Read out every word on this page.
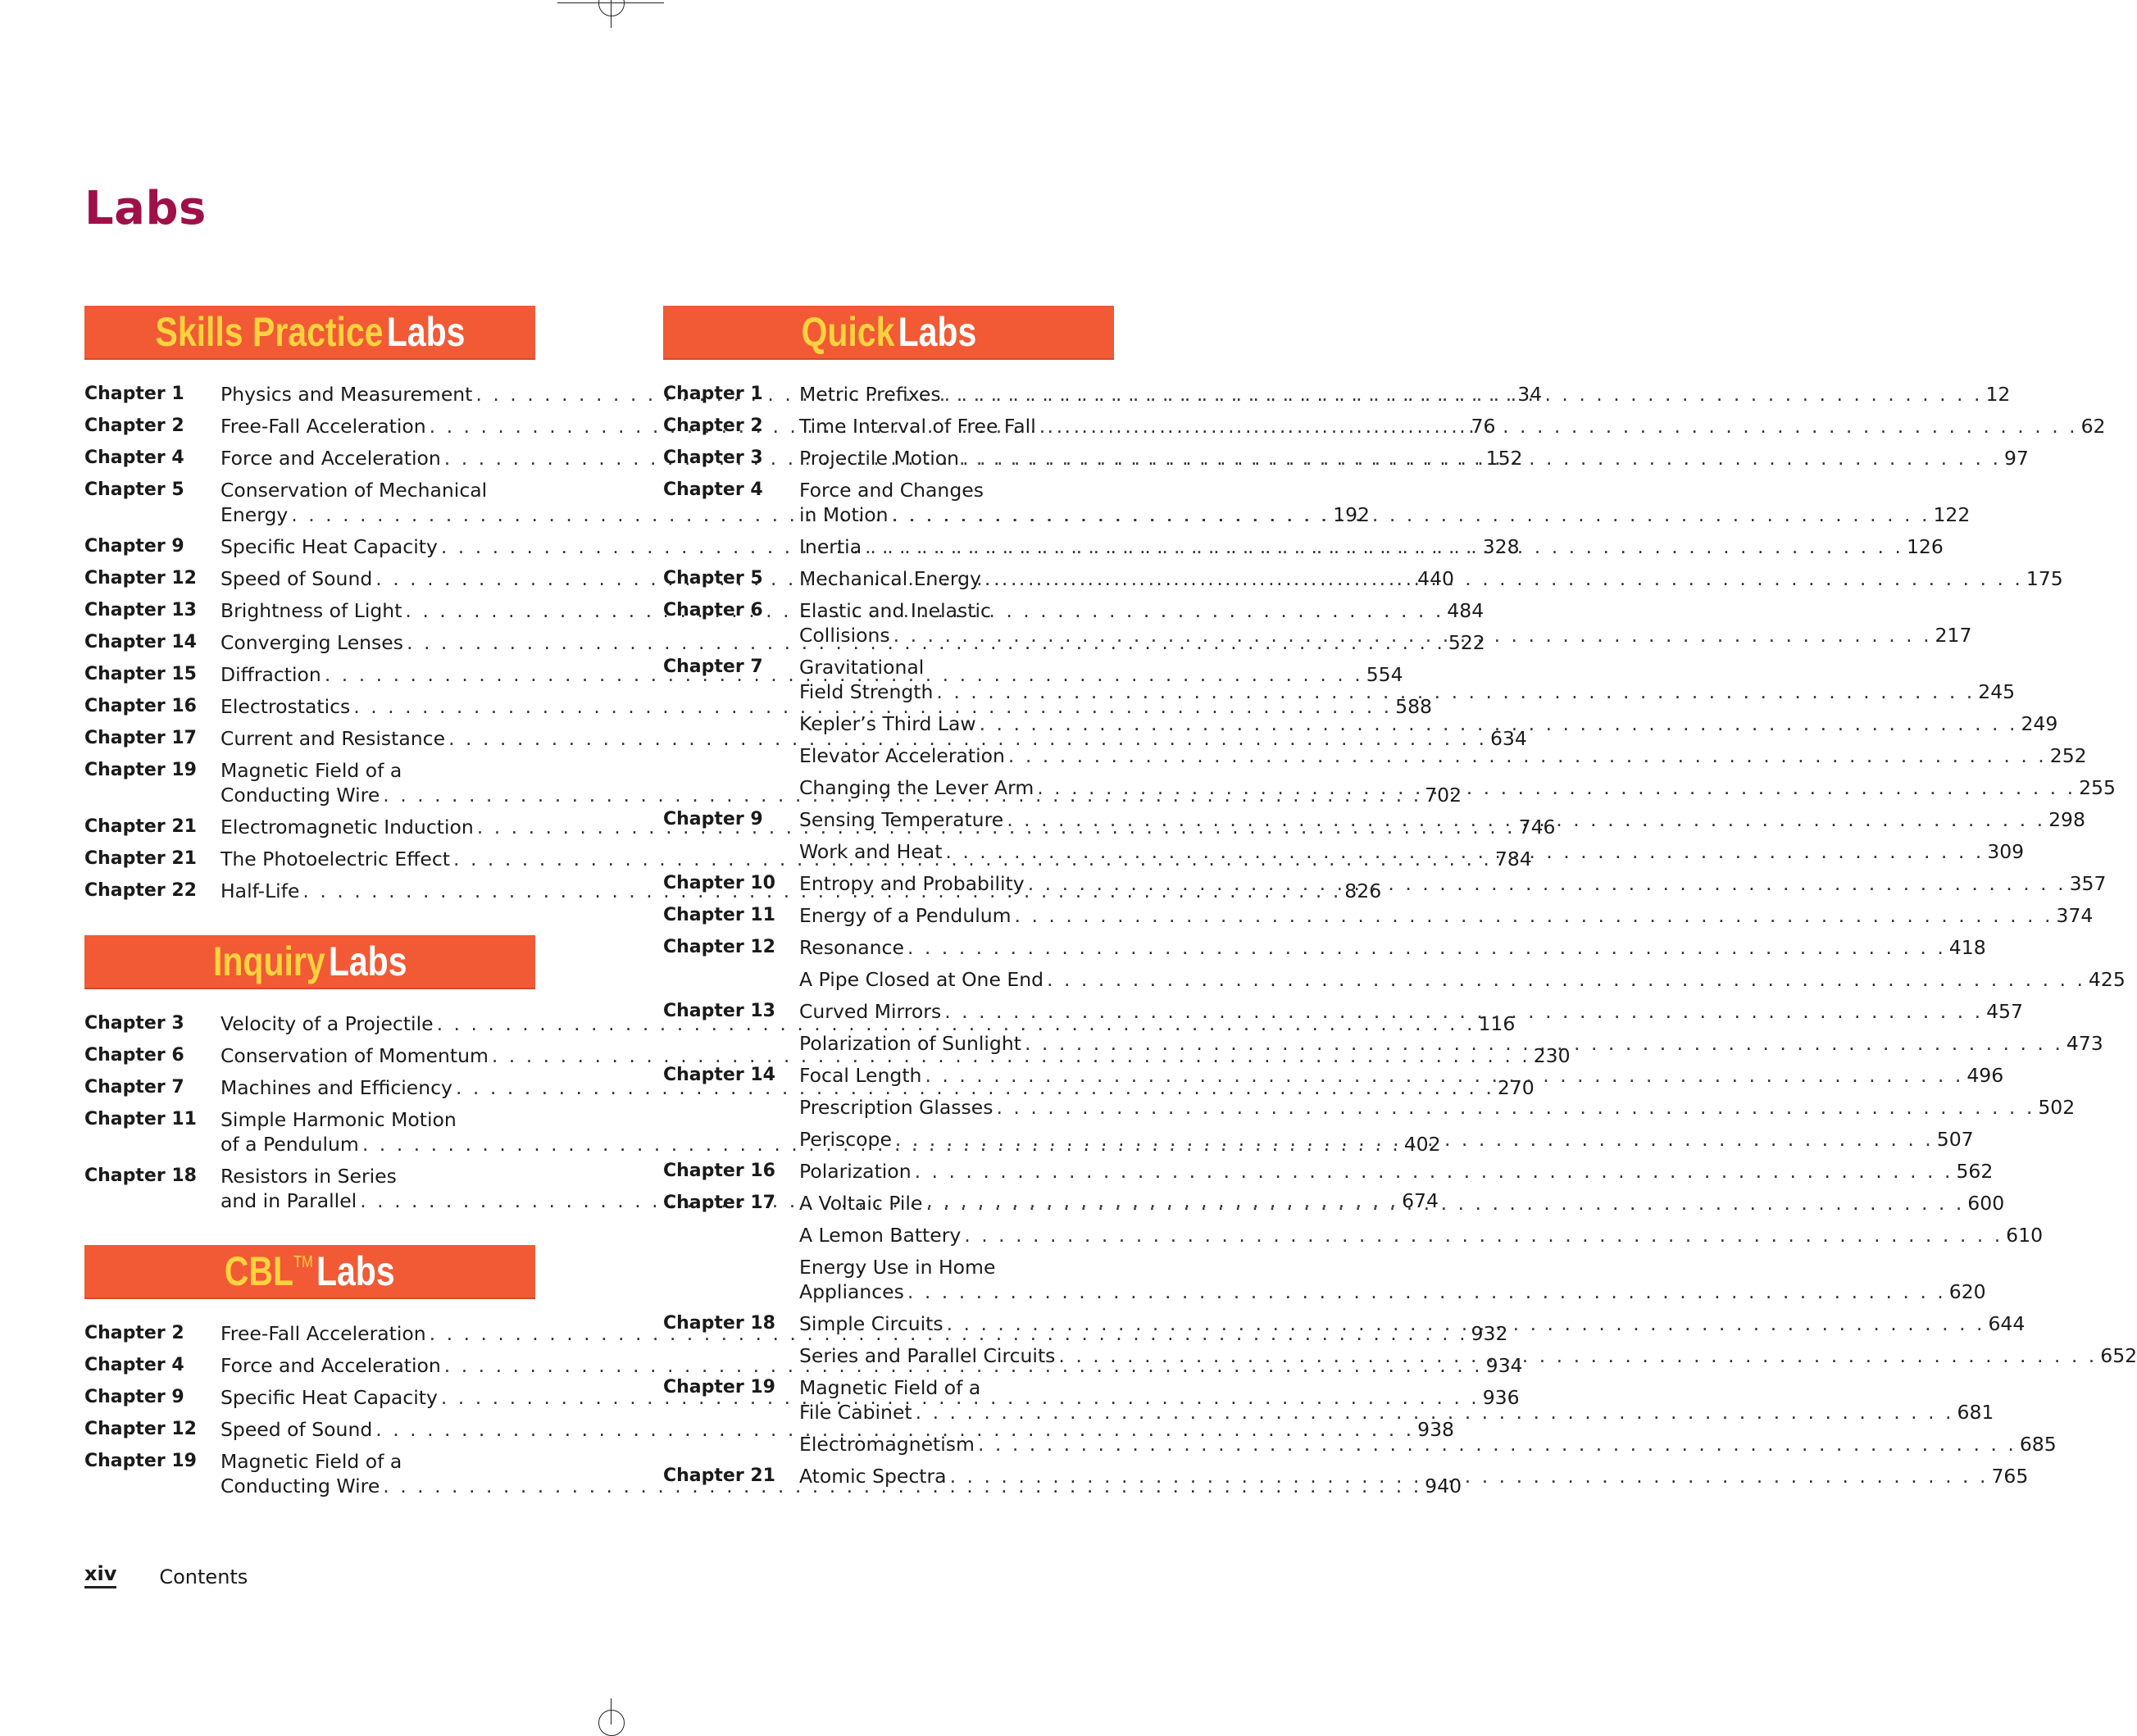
Labs
Skills Practice Labs
Chapter 1	Physics and Measurement . . .	34
Chapter 2	Free-Fall Acceleration . . .	76
Chapter 4	Force and Acceleration . . .	152
Chapter 5	Conservation of Mechanical
Energy . . .	192
Chapter 9	Specific Heat Capacity . . .	328
Chapter 12	Speed of Sound . . .	440
Chapter 13	Brightness of Light . . .	484
Chapter 14	Converging Lenses . . .	522
Chapter 15	Diffraction . . .	554
Chapter 16	Electrostatics . . .	588
Chapter 17	Current and Resistance . . .	634
Chapter 19	Magnetic Field of a
Conducting Wire . . .	702
Chapter 21	Electromagnetic Induction . . .	746
Chapter 21	The Photoelectric Effect . . .	784
Chapter 22	Half-Life . . .	826
Inquiry Labs
Chapter 3	Velocity of a Projectile . . .	116
Chapter 6	Conservation of Momentum . . .	230
Chapter 7	Machines and Efficiency . . .	270
Chapter 11	Simple Harmonic Motion
of a Pendulum . . .	402
Chapter 18	Resistors in Series
and in Parallel . . .	674
CBL™ Labs
Chapter 2	Free-Fall Acceleration . . .	932
Chapter 4	Force and Acceleration . . .	934
Chapter 9	Specific Heat Capacity . . .	936
Chapter 12	Speed of Sound . . .	938
Chapter 19	Magnetic Field of a
Conducting Wire . . .	940
Quick Labs
Chapter 1	Metric Prefixes . . .	12
Chapter 2	Time Interval of Free Fall . . .	62
Chapter 3	Projectile Motion . . .	97
Chapter 4	Force and Changes
in Motion . . .	122
Inertia . . .	126
Chapter 5	Mechanical Energy . . .	175
Chapter 6	Elastic and Inelastic
Collisions . . .	217
Chapter 7	Gravitational
Field Strength . . .	245
Kepler’s Third Law . . .	249
Elevator Acceleration . . .	252
Changing the Lever Arm . . .	255
Chapter 9	Sensing Temperature . . .	298
Work and Heat . . .	309
Chapter 10	Entropy and Probability . . .	357
Chapter 11	Energy of a Pendulum . . .	374
Chapter 12	Resonance . . .	418
A Pipe Closed at One End . . .	425
Chapter 13	Curved Mirrors . . .	457
Polarization of Sunlight . . .	473
Chapter 14	Focal Length . . .	496
Prescription Glasses . . .	502
Periscope . . .	507
Chapter 16	Polarization . . .	562
Chapter 17	A Voltaic Pile . . .	600
A Lemon Battery . . .	610
Energy Use in Home
Appliances . . .	620
Chapter 18	Simple Circuits . . .	644
Series and Parallel Circuits . . .	652
Chapter 19	Magnetic Field of a
File Cabinet . . .	681
Electromagnetism . . .	685
Chapter 21	Atomic Spectra . . .	765
xiv Contents
